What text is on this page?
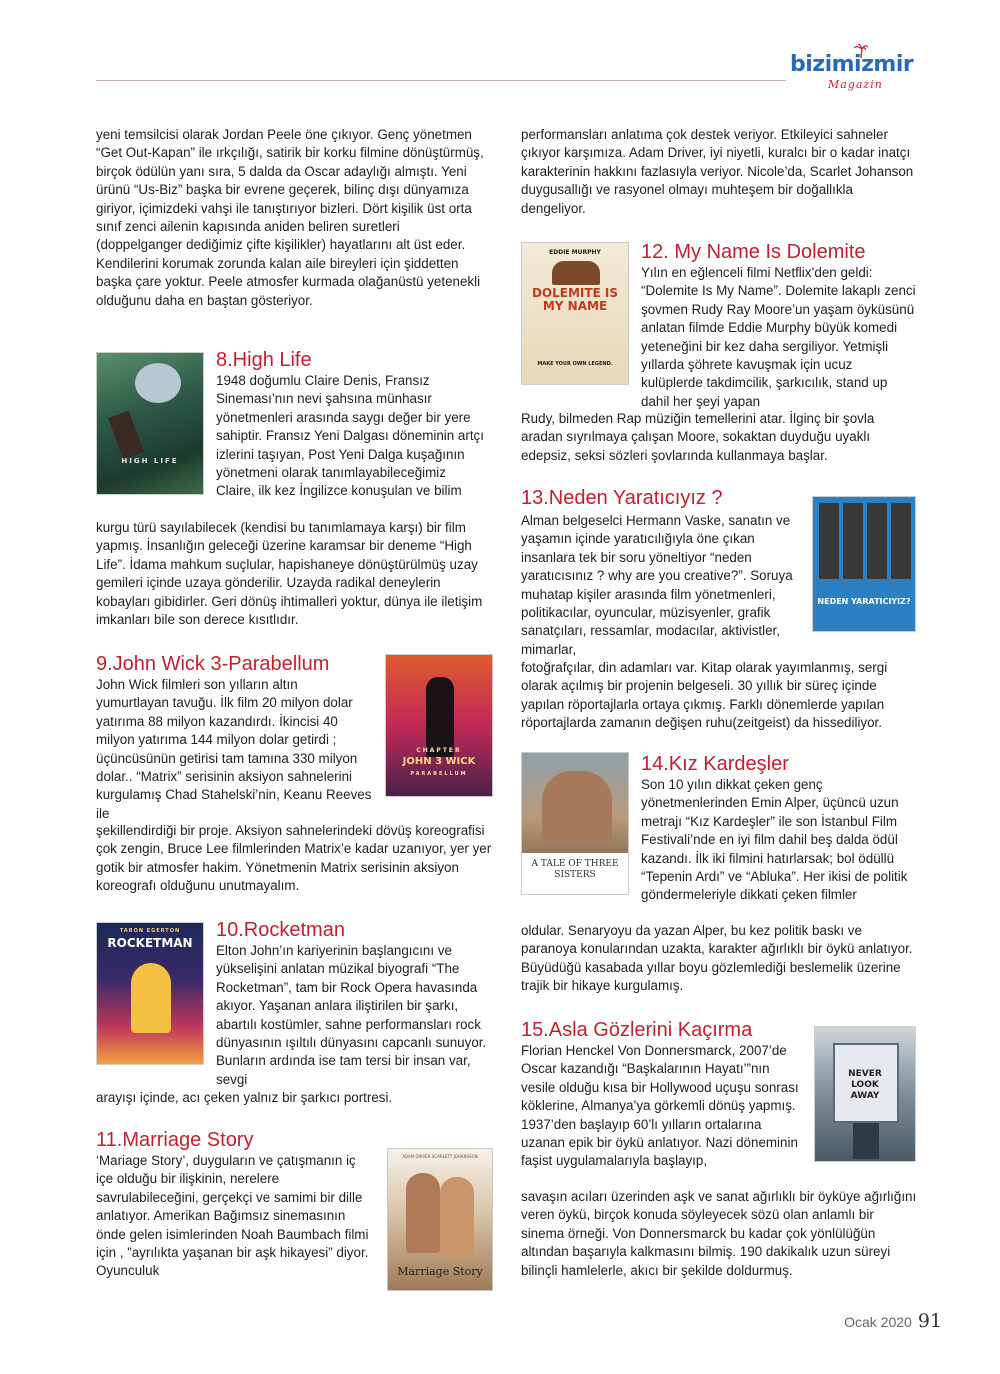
bizimizmir
Magazin
yeni temsilcisi olarak Jordan Peele öne çıkıyor. Genç yönetmen “Get Out-Kapan” ile ırkçılığı, satirik bir korku filmine dönüştürmüş, birçok ödülün yanı sıra, 5 dalda da Oscar adaylığı almıştı. Yeni ürünü “Us-Biz” başka bir evrene geçerek, bilinç dışı dünyamıza giriyor, içimizdeki vahşi ile tanıştırıyor bizleri. Dört kişilik üst orta sınıf zenci ailenin kapısında aniden beliren suretleri (doppelganger dediğimiz çifte kişilikler) hayatlarını alt üst eder. Kendilerini korumak zorunda kalan aile bireyleri için şiddetten başka çare yoktur. Peele atmosfer kurmada olağanüstü yetenekli olduğunu daha en baştan gösteriyor.
HIGH LIFE
8.High Life
1948 doğumlu Claire Denis, Fransız Sineması’nın nevi şahsına münhasır yönetmenleri arasında saygı değer bir yere sahiptir. Fransız Yeni Dalgası döneminin artçı izlerini taşıyan, Post Yeni Dalga kuşağının yönetmeni olarak tanımlayabileceğimiz Claire, ilk kez İngilizce konuşulan ve bilim
kurgu türü sayılabilecek (kendisi bu tanımlamaya karşı) bir film yapmış. İnsanlığın geleceği üzerine karamsar bir deneme “High Life”. İdama mahkum suçlular, hapishaneye dönüştürülmüş uzay gemileri içinde uzaya gönderilir. Uzayda radikal deneylerin kobayları gibidirler. Geri dönüş ihtimalleri yoktur, dünya ile iletişim imkanları bile son derece kısıtlıdır.
9.John Wick 3-Parabellum
John Wick filmleri son yılların altın yumurtlayan tavuğu. İlk film 20 milyon dolar yatırıma 88 milyon kazandırdı. İkincisi 40 milyon yatırıma 144 milyon dolar getirdi ; üçüncüsünün getirisi tam tamına 330 milyon dolar.. “Matrix” serisinin aksiyon sahnelerini kurgulamış Chad Stahelski’nin, Keanu Reeves ile
CHAPTER
JOHN 3 WICK
PARABELLUM
şekillendirdiği bir proje. Aksiyon sahnelerindeki dövüş koreografisi çok zengin, Bruce Lee filmlerinden Matrix’e kadar uzanıyor, yer yer gotik bir atmosfer hakim. Yönetmenin Matrix serisinin aksiyon koreografı olduğunu unutmayalım.
TARON EGERTON
ROCKETMAN
10.Rocketman
Elton John’ın kariyerinin başlangıcını ve yükselişini anlatan müzikal biyografi “The Rocketman”, tam bir Rock Opera havasında akıyor. Yaşanan anlara iliştirilen bir şarkı, abartılı kostümler, sahne performansları rock dünyasının ışıltılı dünyasını capcanlı sunuyor. Bunların ardında ise tam tersi bir insan var, sevgi
arayışı içinde, acı çeken yalnız bir şarkıcı portresi.
11.Marriage Story
‘Mariage Story’, duyguların ve çatışmanın iç içe olduğu bir ilişkinin, nerelere savrulabileceğini, gerçekçi ve samimi bir dille anlatıyor. Amerikan Bağımsız sinemasının önde gelen isimlerinden Noah Baumbach filmi için , ”ayrılıkta yaşanan bir aşk hikayesi” diyor. Oyunculuk
ADAM DRIVER SCARLETT JOHANSSON
Marriage Story
performansları anlatıma çok destek veriyor. Etkileyici sahneler çıkıyor karşımıza. Adam Driver, iyi niyetli, kuralcı bir o kadar inatçı karakterinin hakkını fazlasıyla veriyor. Nicole’da, Scarlet Johanson duygusallığı ve rasyonel olmayı muhteşem bir doğallıkla dengeliyor.
EDDIE MURPHY
DOLEMITE IS MY NAME
MAKE YOUR OWN LEGEND.
12. My Name Is Dolemite
Yılın en eğlenceli filmi Netflix’den geldi: “Dolemite Is My Name”. Dolemite lakaplı zenci şovmen Rudy Ray Moore’un yaşam öyküsünü anlatan filmde Eddie Murphy büyük komedi yeteneğini bir kez daha sergiliyor. Yetmişli yıllarda şöhrete kavuşmak için ucuz kulüplerde takdimcilik, şarkıcılık, stand up dahil her şeyi yapan
Rudy, bilmeden Rap müziğin temellerini atar. İlginç bir şovla aradan sıyrılmaya çalışan Moore, sokaktan duyduğu uyaklı edepsiz, seksi sözleri şovlarında kullanmaya başlar.
13.Neden Yaratıcıyız ?
Alman belgeselci Hermann Vaske, sanatın ve yaşamın içinde yaratıcılığıyla öne çıkan insanlara tek bir soru yöneltiyor “neden yaratıcısınız ? why are you creative?”. Soruya muhatap kişiler arasında film yönetmenleri, politikacılar, oyuncular, müzisyenler, grafik sanatçıları, ressamlar, modacılar, aktivistler, mimarlar,
NEDEN YARATICIYIZ?
fotoğrafçılar, din adamları var. Kitap olarak yayımlanmış, sergi olarak açılmış bir projenin belgeseli. 30 yıllık bir süreç içinde yapılan röportajlarla ortaya çıkmış. Farklı dönemlerde yapılan röportajlarda zamanın değişen ruhu(zeitgeist) da hissediliyor.
A TALE OF THREE SISTERS
14.Kız Kardeşler
Son 10 yılın dikkat çeken genç yönetmenlerinden Emin Alper, üçüncü uzun metrajı “Kız Kardeşler” ile son İstanbul Film Festivali’nde en iyi film dahil beş dalda ödül kazandı. İlk iki filmini hatırlarsak; bol ödüllü “Tepenin Ardı” ve “Abluka”. Her ikisi de politik göndermeleriyle dikkati çeken filmler
oldular. Senaryoyu da yazan Alper, bu kez politik baskı ve paranoya konularından uzakta, karakter ağırlıklı bir öykü anlatıyor. Büyüdüğü kasabada yıllar boyu gözlemlediği beslemelik üzerine trajik bir hikaye kurgulamış.
15.Asla Gözlerini Kaçırma
Florian Henckel Von Donnersmarck, 2007’de Oscar kazandığı “Başkalarının Hayatı’”nın vesile olduğu kısa bir Hollywood uçuşu sonrası köklerine, Almanya’ya görkemli dönüş yapmış. 1937’den başlayıp 60’lı yılların ortalarına uzanan epik bir öykü anlatıyor. Nazi döneminin faşist uygulamalarıyla başlayıp,
NEVER LOOK AWAY
savaşın acıları üzerinden aşk ve sanat ağırlıklı bir öyküye ağırlığını veren öykü, birçok konuda söyleyecek sözü olan anlamlı bir sinema örneği. Von Donnersmarck bu kadar çok yönlülüğün altından başarıyla kalkmasını bilmiş. 190 dakikalık uzun süreyi bilinçli hamlelerle, akıcı bir şekilde doldurmuş.
Ocak 2020 91
